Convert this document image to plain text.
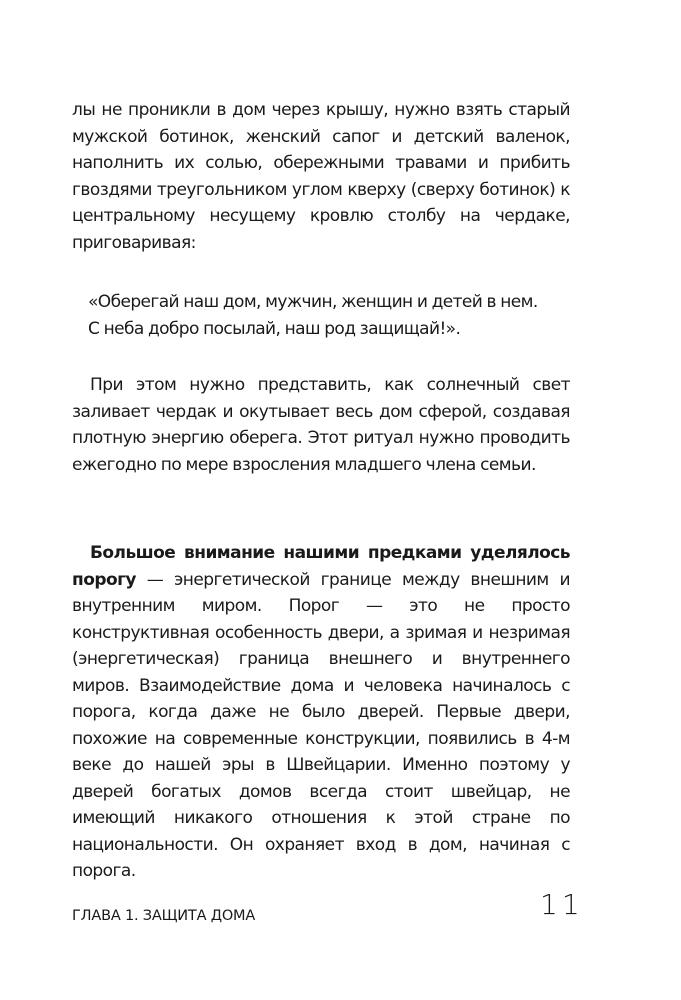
лы не проникли в дом через крышу, нужно взять старый мужской ботинок, женский сапог и детский валенок, наполнить их солью, обережными травами и прибить гвоздями треугольником углом кверху (сверху ботинок) к центральному несущему кровлю столбу на чердаке, приговаривая:
«Оберегай наш дом, мужчин, женщин и детей в нем.
С неба добро посылай, наш род защищай!».
При этом нужно представить, как солнечный свет заливает чердак и окутывает весь дом сферой, создавая плотную энергию оберега. Этот ритуал нужно проводить ежегодно по мере взросления младшего члена семьи.
Большое внимание нашими предками уделялось порогу — энергетической границе между внешним и внутренним миром. Порог — это не просто конструктивная особенность двери, а зримая и незримая (энергетическая) граница внешнего и внутреннего миров. Взаимодействие дома и человека начиналось с порога, когда даже не было дверей. Первые двери, похожие на современные конструкции, появились в 4-м веке до нашей эры в Швейцарии. Именно поэтому у дверей богатых домов всегда стоит швейцар, не имеющий никакого отношения к этой стране по национальности. Он охраняет вход в дом, начиная с порога.
ГЛАВА 1. ЗАЩИТА ДОМА	11
